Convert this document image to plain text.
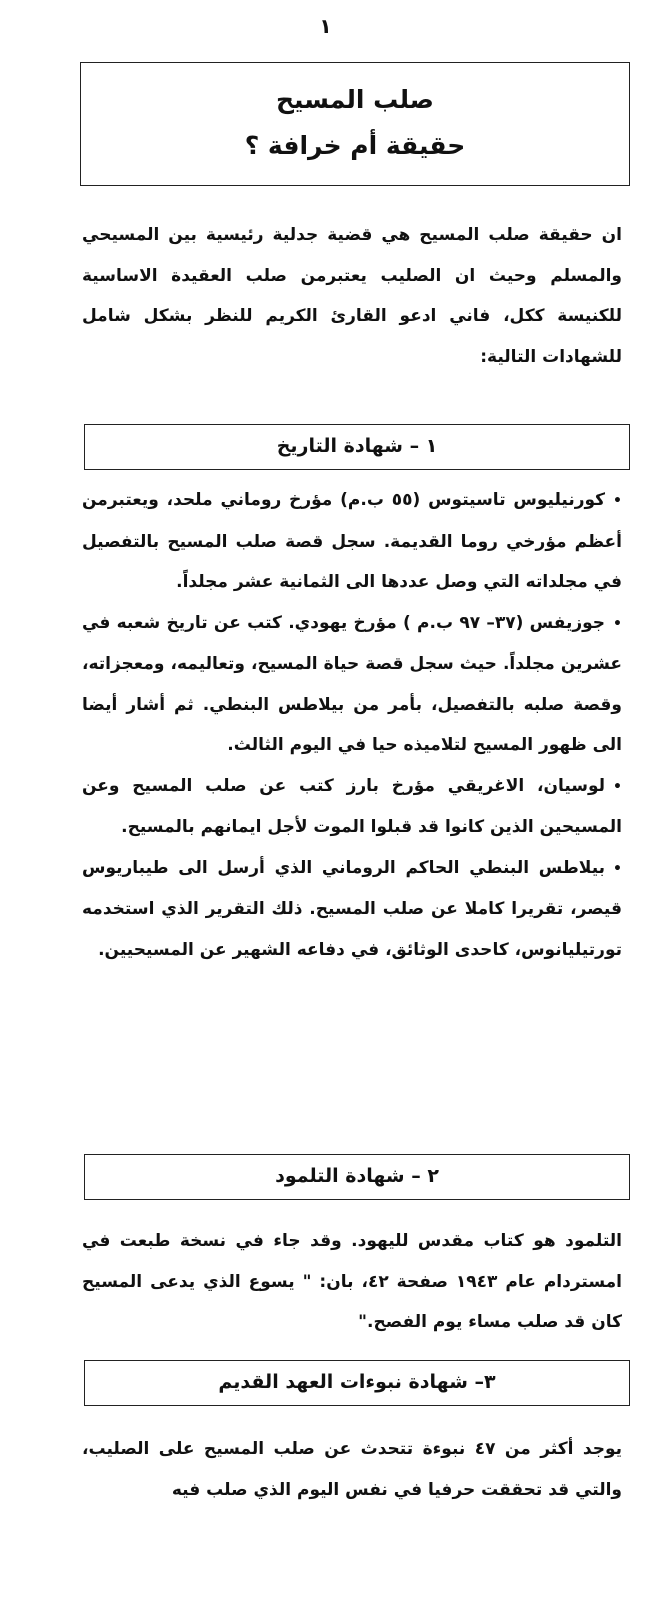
١
صلب المسيح
حقيقة أم خرافة ؟

ان حقيقة صلب المسيح هي قضية جدلية رئيسية بين المسيحي والمسلم وحيث ان الصليب يعتبرمن صلب العقيدة الاساسية للكنيسة ككل، فاني ادعو القارئ الكريم للنظر بشكل شامل للشهادات التالية:

١ – شهادة التاريخ

•كورنيليوس تاسيتوس (٥٥ ب.م) مؤرخ روماني ملحد، ويعتبرمن أعظم مؤرخي روما القديمة. سجل قصة صلب المسيح بالتفصيل في مجلداته التي وصل عددها الى الثمانية عشر مجلداً.

•جوزيفس (٣٧– ٩٧ ب.م ) مؤرخ يهودي. كتب عن تاريخ شعبه في عشرين مجلداً. حيث سجل قصة حياة المسيح، وتعاليمه، ومعجزاته، وقصة صلبه بالتفصيل، بأمر من بيلاطس البنطي. ثم أشار أيضا الى ظهور المسيح لتلاميذه حيا في اليوم الثالث.

•لوسيان، الاغريقي مؤرخ بارز كتب عن صلب المسيح وعن المسيحين الذين كانوا قد قبلوا الموت لأجل ايمانهم بالمسيح.

•بيلاطس البنطي الحاكم الروماني الذي أرسل الى طيباريوس قيصر، تقريرا كاملا عن صلب المسيح. ذلك التقرير الذي استخدمه تورتيليانوس، كاحدى الوثائق، في دفاعه الشهير عن المسيحيين.

٢ – شهادة التلمود

التلمود هو كتاب مقدس لليهود. وقد جاء في نسخة طبعت في امستردام عام ١٩٤٣ صفحة ٤٢، بان: " يسوع الذي يدعى المسيح كان قد صلب مساء يوم الفصح."

٣– شهادة نبوءات العهد القديم

يوجد أكثر من ٤٧ نبوءة تتحدث عن صلب المسيح على الصليب، والتي قد تحققت حرفيا في نفس اليوم الذي صلب فيه
